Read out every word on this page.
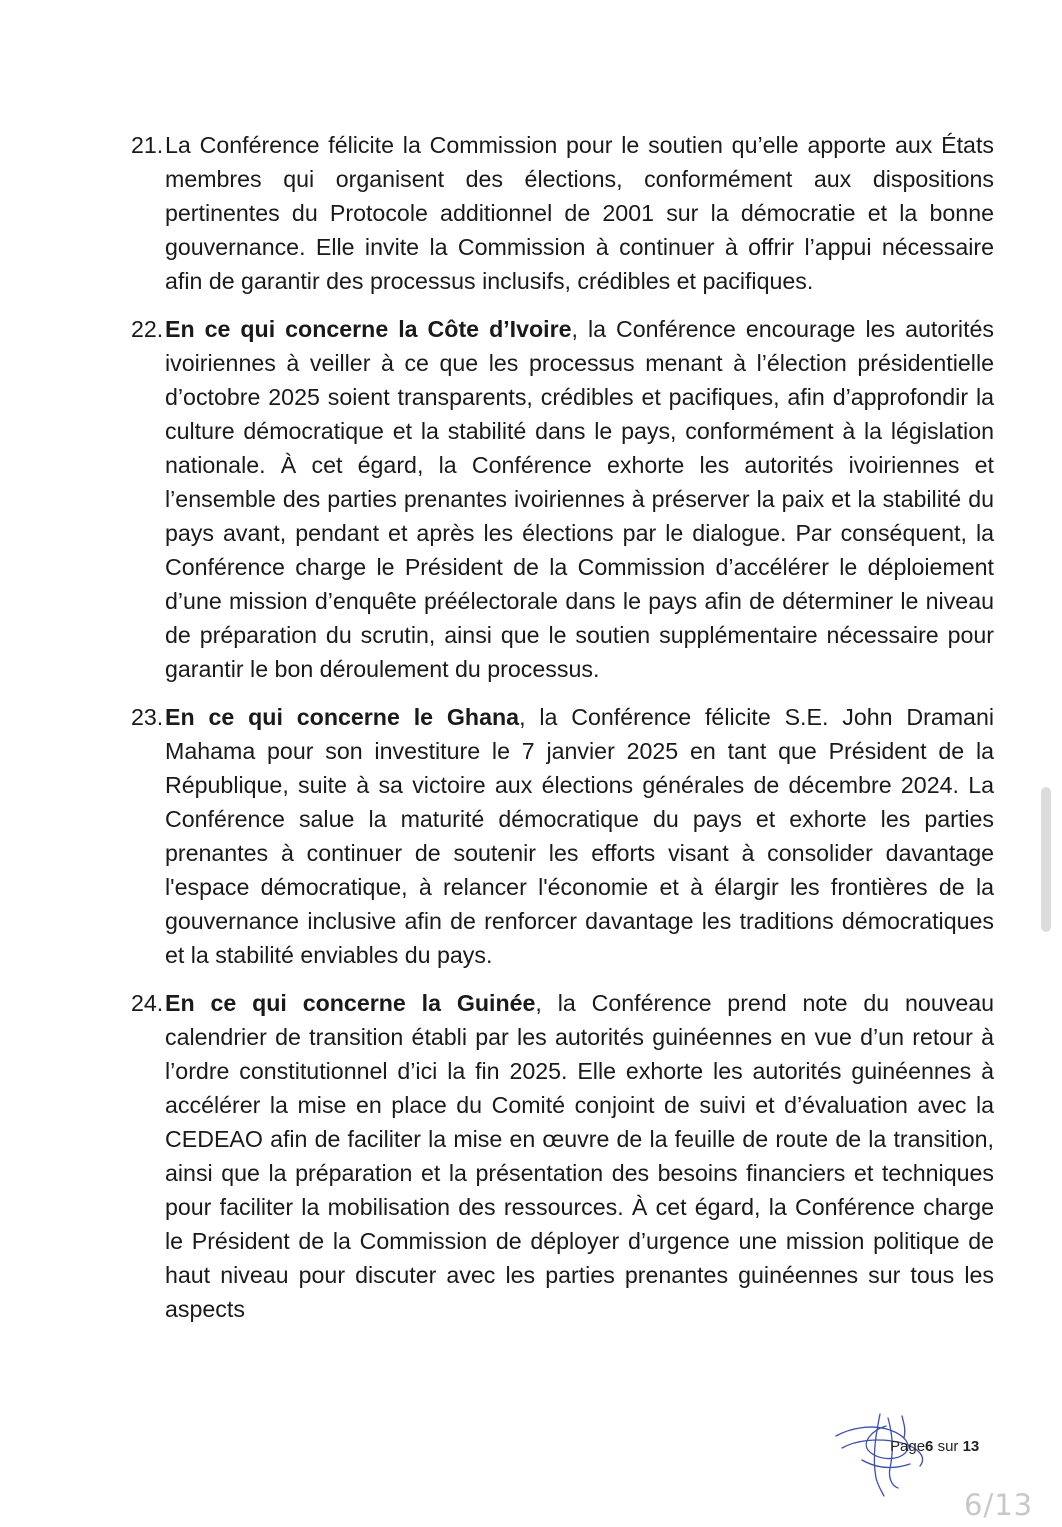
21. La Conférence félicite la Commission pour le soutien qu’elle apporte aux États membres qui organisent des élections, conformément aux dispositions pertinentes du Protocole additionnel de 2001 sur la démocratie et la bonne gouvernance. Elle invite la Commission à continuer à offrir l’appui nécessaire afin de garantir des processus inclusifs, crédibles et pacifiques.
22. En ce qui concerne la Côte d’Ivoire, la Conférence encourage les autorités ivoiriennes à veiller à ce que les processus menant à l’élection présidentielle d’octobre 2025 soient transparents, crédibles et pacifiques, afin d’approfondir la culture démocratique et la stabilité dans le pays, conformément à la législation nationale. À cet égard, la Conférence exhorte les autorités ivoiriennes et l’ensemble des parties prenantes ivoiriennes à préserver la paix et la stabilité du pays avant, pendant et après les élections par le dialogue. Par conséquent, la Conférence charge le Président de la Commission d’accélérer le déploiement d’une mission d’enquête préélectorale dans le pays afin de déterminer le niveau de préparation du scrutin, ainsi que le soutien supplémentaire nécessaire pour garantir le bon déroulement du processus.
23. En ce qui concerne le Ghana, la Conférence félicite S.E. John Dramani Mahama pour son investiture le 7 janvier 2025 en tant que Président de la République, suite à sa victoire aux élections générales de décembre 2024. La Conférence salue la maturité démocratique du pays et exhorte les parties prenantes à continuer de soutenir les efforts visant à consolider davantage l'espace démocratique, à relancer l'économie et à élargir les frontières de la gouvernance inclusive afin de renforcer davantage les traditions démocratiques et la stabilité enviables du pays.
24. En ce qui concerne la Guinée, la Conférence prend note du nouveau calendrier de transition établi par les autorités guinéennes en vue d’un retour à l’ordre constitutionnel d’ici la fin 2025. Elle exhorte les autorités guinéennes à accélérer la mise en place du Comité conjoint de suivi et d’évaluation avec la CEDEAO afin de faciliter la mise en œuvre de la feuille de route de la transition, ainsi que la préparation et la présentation des besoins financiers et techniques pour faciliter la mobilisation des ressources. À cet égard, la Conférence charge le Président de la Commission de déployer d’urgence une mission politique de haut niveau pour discuter avec les parties prenantes guinéennes sur tous les aspects
Page6 sur 13
6/13
